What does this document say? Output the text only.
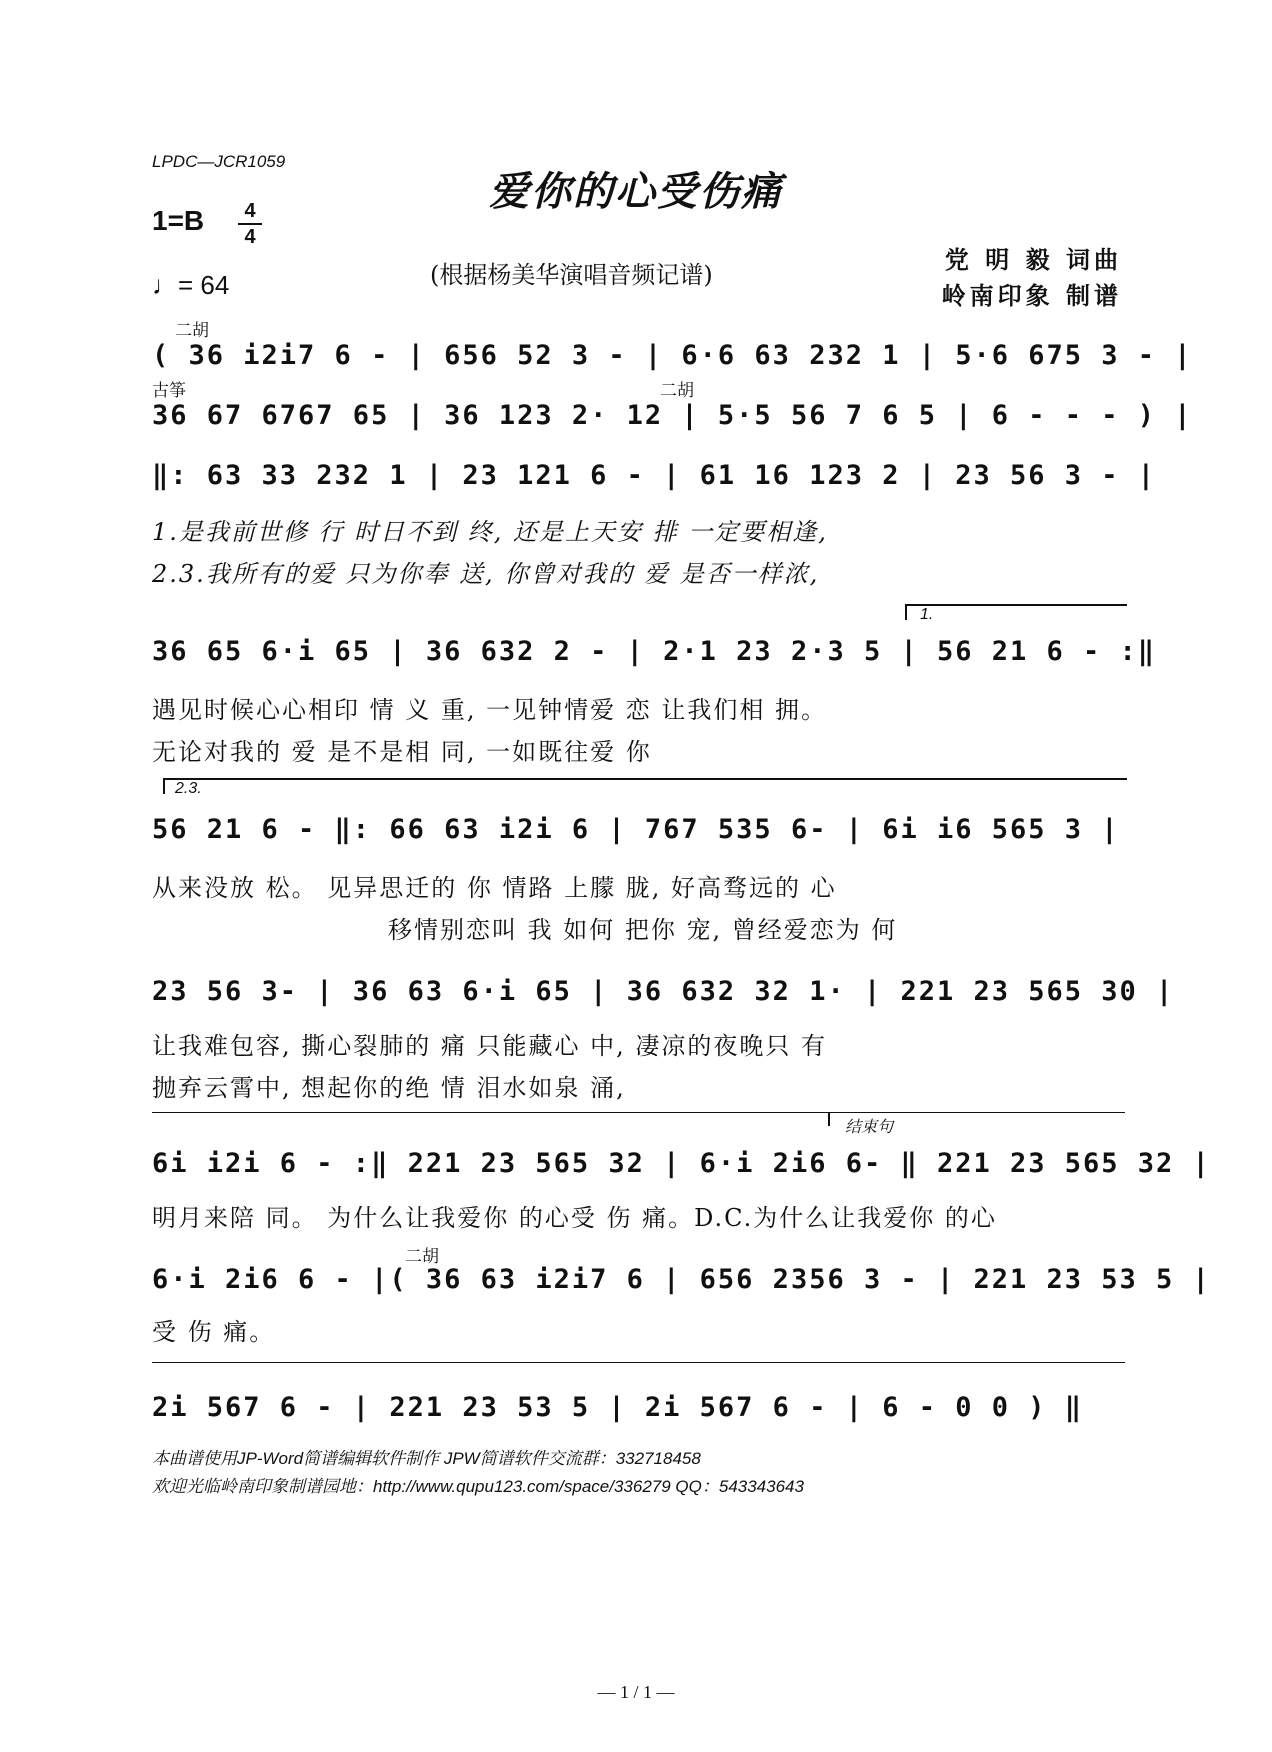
LPDC—JCR1059
爱你的心受伤痛
1=B	4
4
♩= 64	(根据杨美华演唱音频记谱)
党 明 毅 词曲
岭南印象 制谱
二胡
( 36 i2i7 6 - | 656 52 3 - | 6·6 63 232 1 | 5·6 675 3 - |
古筝	二胡
36 67 6767 65 | 36 123 2· 12 | 5·5 56 7 6 5 | 6 - - - ) |
‖: 63 33 232 1 | 23 121 6 - | 61 16 123 2 | 23 56 3 - |
1.是我前世修 行 时日不到 终, 还是上天安 排 一定要相逢,
2.3.我所有的爱 只为你奉 送, 你曾对我的 爱 是否一样浓,
1.
36 65 6·i 65 | 36 632 2 - | 2·1 23 2·3 5 | 56 21 6 - :‖
遇见时候心心相印 情 义 重, 一见钟情爱 恋 让我们相 拥。
无论对我的 爱 是不是相 同, 一如既往爱 你
2.3.
56 21 6 - ‖: 66 63 i2i 6 | 767 535 6- | 6i i6 565 3 |
从来没放 松。 见异思迁的 你 情路 上朦 胧, 好高骛远的 心
移情别恋叫 我 如何 把你 宠, 曾经爱恋为 何
23 56 3- | 36 63 6·i 65 | 36 632 32 1· | 221 23 565 30 |
让我难包容, 撕心裂肺的 痛 只能藏心 中, 凄凉的夜晚只 有
抛弃云霄中, 想起你的绝 情 泪水如泉 涌,
结束句
6i i2i 6 - :‖ 221 23 565 32 | 6·i 2i6 6- ‖ 221 23 565 32 |
明月来陪 同。 为什么让我爱你 的心受 伤 痛。D.C.为什么让我爱你 的心
二胡
6·i 2i6 6 - |( 36 63 i2i7 6 | 656 2356 3 - | 221 23 53 5 |
受 伤 痛。
2i 567 6 - | 221 23 53 5 | 2i 567 6 - | 6 - 0 0 ) ‖
本曲谱使用JP-Word简谱编辑软件制作 JPW简谱软件交流群：332718458
欢迎光临岭南印象制谱园地：http://www.qupu123.com/space/336279 QQ：543343643
— 1 / 1 —
